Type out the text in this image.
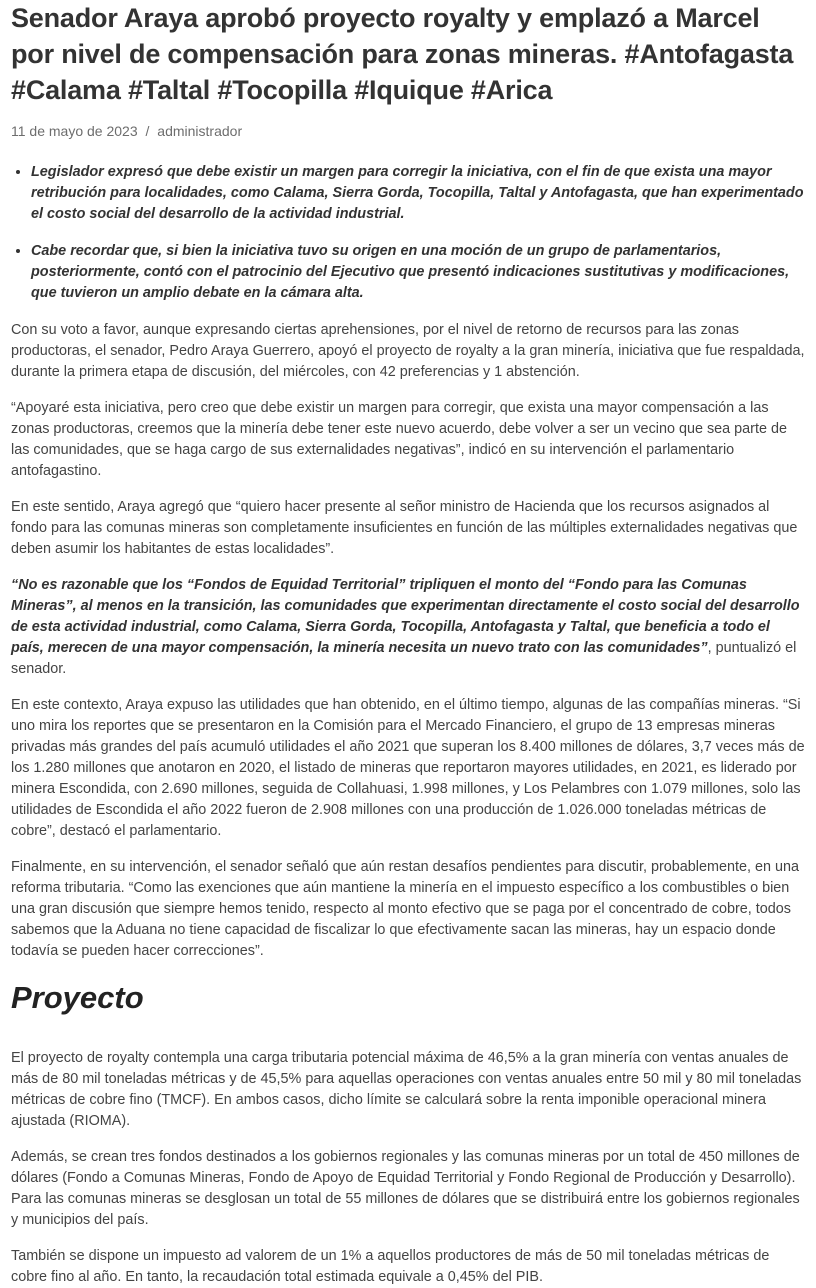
Senador Araya aprobó proyecto royalty y emplazó a Marcel por nivel de compensación para zonas mineras. #Antofagasta #Calama #Taltal #Tocopilla #Iquique #Arica
11 de mayo de 2023 / administrador
• Legislador expresó que debe existir un margen para corregir la iniciativa, con el fin de que exista una mayor retribución para localidades, como Calama, Sierra Gorda, Tocopilla, Taltal y Antofagasta, que han experimentado el costo social del desarrollo de la actividad industrial.
• Cabe recordar que, si bien la iniciativa tuvo su origen en una moción de un grupo de parlamentarios, posteriormente, contó con el patrocinio del Ejecutivo que presentó indicaciones sustitutivas y modificaciones, que tuvieron un amplio debate en la cámara alta.

Con su voto a favor, aunque expresando ciertas aprehensiones, por el nivel de retorno de recursos para las zonas productoras, el senador, Pedro Araya Guerrero, apoyó el proyecto de royalty a la gran minería, iniciativa que fue respaldada, durante la primera etapa de discusión, del miércoles, con 42 preferencias y 1 abstención.

“Apoyaré esta iniciativa, pero creo que debe existir un margen para corregir, que exista una mayor compensación a las zonas productoras, creemos que la minería debe tener este nuevo acuerdo, debe volver a ser un vecino que sea parte de las comunidades, que se haga cargo de sus externalidades negativas”, indicó en su intervención el parlamentario antofagastino.

En este sentido, Araya agregó que “quiero hacer presente al señor ministro de Hacienda que los recursos asignados al fondo para las comunas mineras son completamente insuficientes en función de las múltiples externalidades negativas que deben asumir los habitantes de estas localidades”.

“No es razonable que los “Fondos de Equidad Territorial” tripliquen el monto del “Fondo para las Comunas Mineras”, al menos en la transición, las comunidades que experimentan directamente el costo social del desarrollo de esta actividad industrial, como Calama, Sierra Gorda, Tocopilla, Antofagasta y Taltal, que beneficia a todo el país, merecen de una mayor compensación, la minería necesita un nuevo trato con las comunidades”, puntualizó el senador.

En este contexto, Araya expuso las utilidades que han obtenido, en el último tiempo, algunas de las compañías mineras. “Si uno mira los reportes que se presentaron en la Comisión para el Mercado Financiero, el grupo de 13 empresas mineras privadas más grandes del país acumuló utilidades el año 2021 que superan los 8.400 millones de dólares, 3,7 veces más de los 1.280 millones que anotaron en 2020, el listado de mineras que reportaron mayores utilidades, en 2021, es liderado por minera Escondida, con 2.690 millones, seguida de Collahuasi, 1.998 millones, y Los Pelambres con 1.079 millones, solo las utilidades de Escondida el año 2022 fueron de 2.908 millones con una producción de 1.026.000 toneladas métricas de cobre”, destacó el parlamentario.

Finalmente, en su intervención, el senador señaló que aún restan desafíos pendientes para discutir, probablemente, en una reforma tributaria. “Como las exenciones que aún mantiene la minería en el impuesto específico a los combustibles o bien una gran discusión que siempre hemos tenido, respecto al monto efectivo que se paga por el concentrado de cobre, todos sabemos que la Aduana no tiene capacidad de fiscalizar lo que efectivamente sacan las mineras, hay un espacio donde todavía se pueden hacer correcciones”.

Proyecto

El proyecto de royalty contempla una carga tributaria potencial máxima de 46,5% a la gran minería con ventas anuales de más de 80 mil toneladas métricas y de 45,5% para aquellas operaciones con ventas anuales entre 50 mil y 80 mil toneladas métricas de cobre fino (TMCF). En ambos casos, dicho límite se calculará sobre la renta imponible operacional minera ajustada (RIOMA).

Además, se crean tres fondos destinados a los gobiernos regionales y las comunas mineras por un total de 450 millones de dólares (Fondo a Comunas Mineras, Fondo de Apoyo de Equidad Territorial y Fondo Regional de Producción y Desarrollo). Para las comunas mineras se desglosan un total de 55 millones de dólares que se distribuirá entre los gobiernos regionales y municipios del país.

También se dispone un impuesto ad valorem de un 1% a aquellos productores de más de 50 mil toneladas métricas de cobre fino al año. En tanto, la recaudación total estimada equivale a 0,45% del PIB.
